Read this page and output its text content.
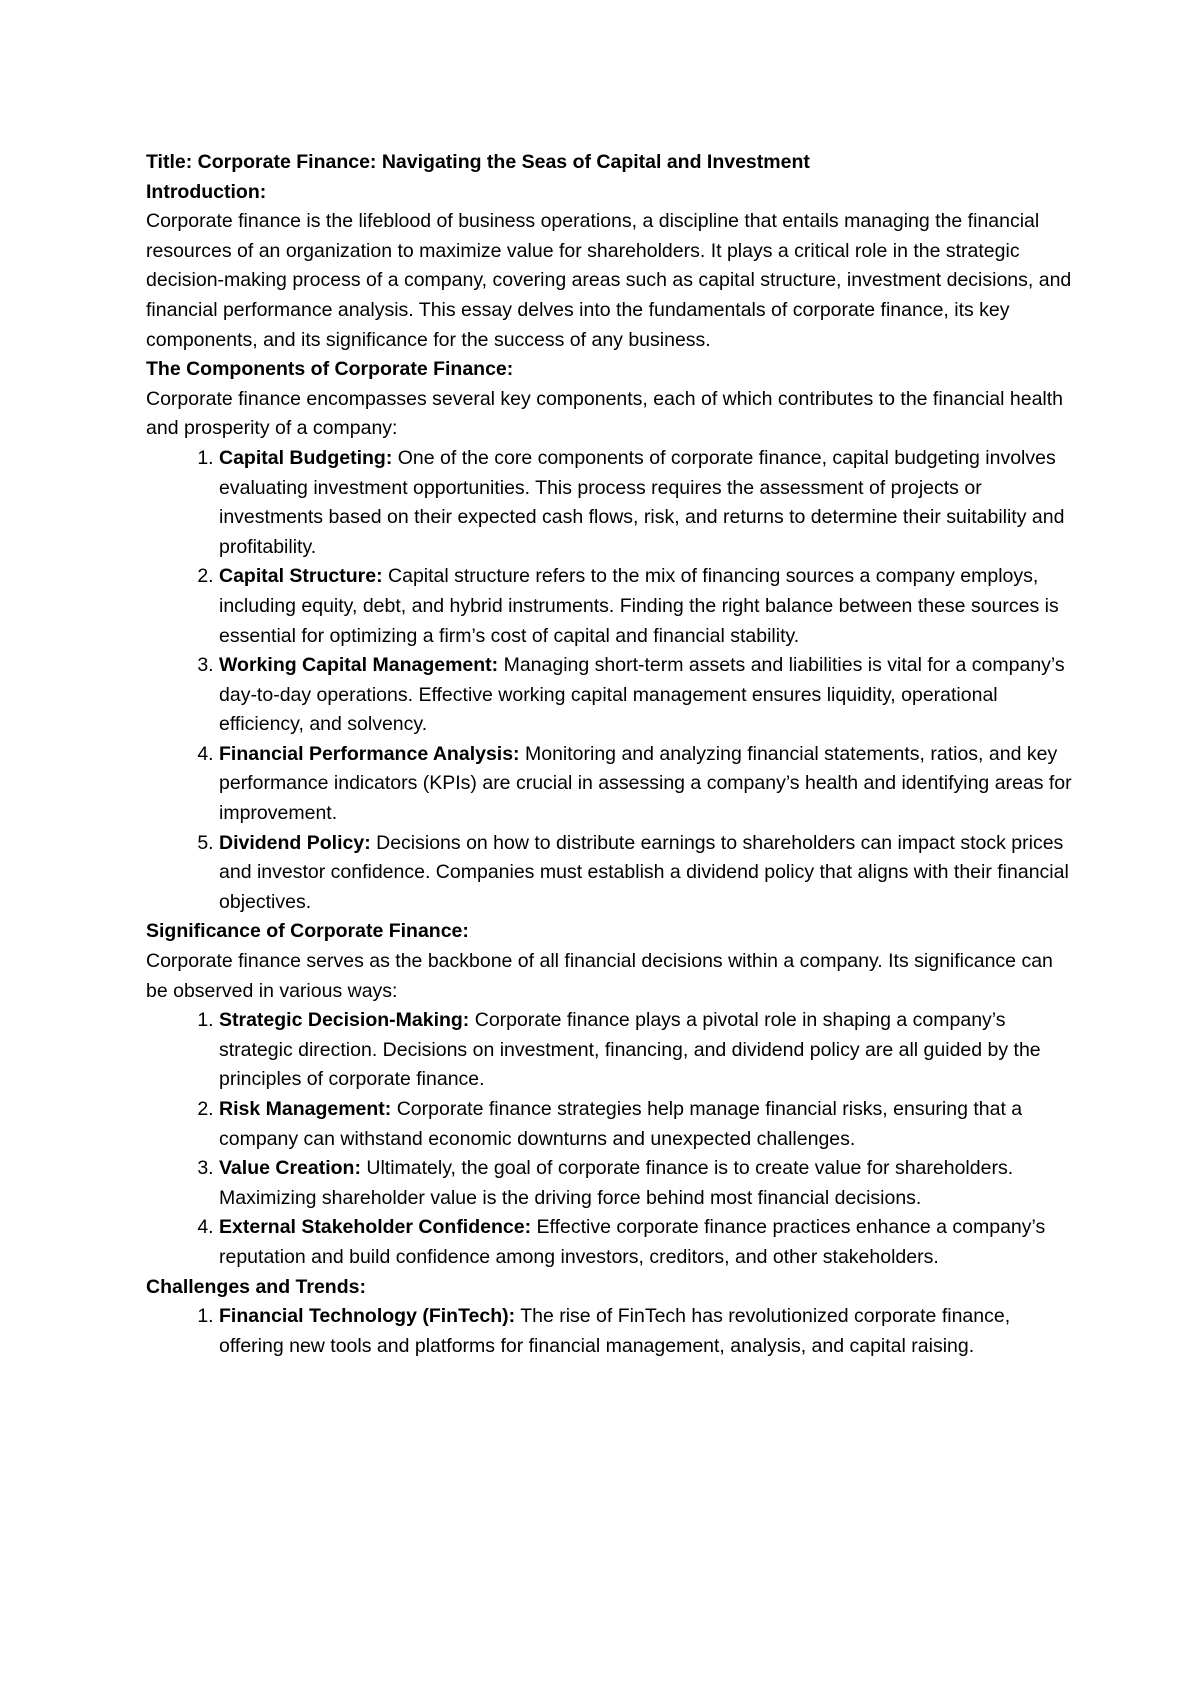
Title: Corporate Finance: Navigating the Seas of Capital and Investment

Introduction:

Corporate finance is the lifeblood of business operations, a discipline that entails managing the financial resources of an organization to maximize value for shareholders. It plays a critical role in the strategic decision-making process of a company, covering areas such as capital structure, investment decisions, and financial performance analysis. This essay delves into the fundamentals of corporate finance, its key components, and its significance for the success of any business.

The Components of Corporate Finance:

Corporate finance encompasses several key components, each of which contributes to the financial health and prosperity of a company:

1. Capital Budgeting: One of the core components of corporate finance, capital budgeting involves evaluating investment opportunities. This process requires the assessment of projects or investments based on their expected cash flows, risk, and returns to determine their suitability and profitability.
2. Capital Structure: Capital structure refers to the mix of financing sources a company employs, including equity, debt, and hybrid instruments. Finding the right balance between these sources is essential for optimizing a firm’s cost of capital and financial stability.
3. Working Capital Management: Managing short-term assets and liabilities is vital for a company’s day-to-day operations. Effective working capital management ensures liquidity, operational efficiency, and solvency.
4. Financial Performance Analysis: Monitoring and analyzing financial statements, ratios, and key performance indicators (KPIs) are crucial in assessing a company’s health and identifying areas for improvement.
5. Dividend Policy: Decisions on how to distribute earnings to shareholders can impact stock prices and investor confidence. Companies must establish a dividend policy that aligns with their financial objectives.

Significance of Corporate Finance:

Corporate finance serves as the backbone of all financial decisions within a company. Its significance can be observed in various ways:

1. Strategic Decision-Making: Corporate finance plays a pivotal role in shaping a company’s strategic direction. Decisions on investment, financing, and dividend policy are all guided by the principles of corporate finance.
2. Risk Management: Corporate finance strategies help manage financial risks, ensuring that a company can withstand economic downturns and unexpected challenges.
3. Value Creation: Ultimately, the goal of corporate finance is to create value for shareholders. Maximizing shareholder value is the driving force behind most financial decisions.
4. External Stakeholder Confidence: Effective corporate finance practices enhance a company’s reputation and build confidence among investors, creditors, and other stakeholders.

Challenges and Trends:

1. Financial Technology (FinTech): The rise of FinTech has revolutionized corporate finance, offering new tools and platforms for financial management, analysis, and capital raising.
